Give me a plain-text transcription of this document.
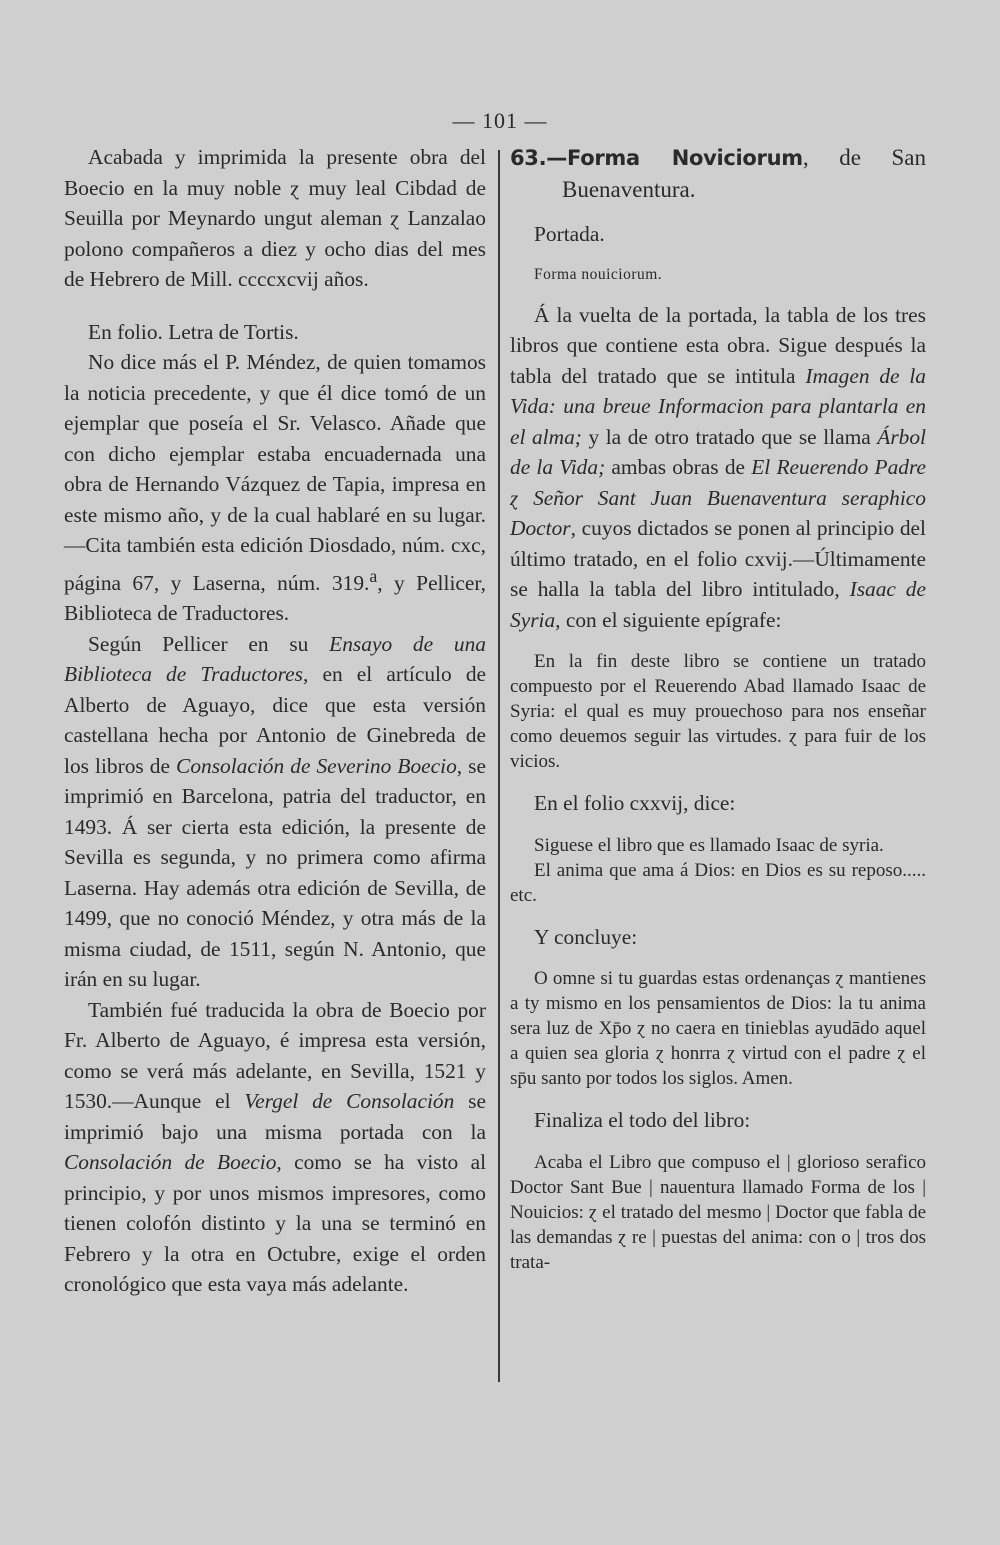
— 101 —

Acabada y imprimida la presente obra del Boecio en la muy noble ɀ muy leal Cibdad de Seuilla por Meynardo ungut aleman ɀ Lanzalao polono compañeros a diez y ocho dias del mes de Hebrero de Mill. ccccxcvij años.

En folio. Letra de Tortis.

No dice más el P. Méndez, de quien tomamos la noticia precedente, y que él dice tomó de un ejemplar que poseía el Sr. Velasco. Añade que con dicho ejemplar estaba encuadernada una obra de Hernando Vázquez de Tapia, impresa en este mismo año, y de la cual hablaré en su lugar.—Cita también esta edición Diosdado, núm. cxc, página 67, y Laserna, núm. 319.$^a$, y Pellicer, Biblioteca de Traductores.

Según Pellicer en su Ensayo de una Biblioteca de Traductores, en el artículo de Alberto de Aguayo, dice que esta versión castellana hecha por Antonio de Ginebreda de los libros de Consolación de Severino Boecio, se imprimió en Barcelona, patria del traductor, en 1493. Á ser cierta esta edición, la presente de Sevilla es segunda, y no primera como afirma Laserna. Hay además otra edición de Sevilla, de 1499, que no conoció Méndez, y otra más de la misma ciudad, de 1511, según N. Antonio, que irán en su lugar.

También fué traducida la obra de Boecio por Fr. Alberto de Aguayo, é impresa esta versión, como se verá más adelante, en Sevilla, 1521 y 1530.—Aunque el Vergel de Consolación se imprimió bajo una misma portada con la Consolación de Boecio, como se ha visto al principio, y por unos mismos impresores, como tienen colofón distinto y la una se terminó en Febrero y la otra en Octubre, exige el orden cronológico que esta vaya más adelante.

63.—Forma Noviciorum, de San Buenaventura.

Portada.

Forma nouiciorum.

Á la vuelta de la portada, la tabla de los tres libros que contiene esta obra. Sigue después la tabla del tratado que se intitula Imagen de la Vida: una breue Informacion para plantarla en el alma; y la de otro tratado que se llama Árbol de la Vida; ambas obras de El Reuerendo Padre ɀ Señor Sant Juan Buenaventura seraphico Doctor, cuyos dictados se ponen al principio del último tratado, en el folio cxvij.—Últimamente se halla la tabla del libro intitulado, Isaac de Syria, con el siguiente epígrafe:

En la fin deste libro se contiene un tratado compuesto por el Reuerendo Abad llamado Isaac de Syria: el qual es muy prouechoso para nos enseñar como deuemos seguir las virtudes. ɀ para fuir de los vicios.

En el folio cxxvij, dice:

Siguese el libro que es llamado Isaac de syria.

El anima que ama á Dios: en Dios es su reposo..... etc.

Y concluye:

O omne si tu guardas estas ordenanças ɀ mantienes a ty mismo en los pensamientos de Dios: la tu anima sera luz de Xp̄o ɀ no caera en tinieblas ayudādo aquel a quien sea gloria ɀ honrra ɀ virtud con el padre ɀ el sp̄u santo por todos los siglos. Amen.

Finaliza el todo del libro:

Acaba el Libro que compuso el | glorioso serafico Doctor Sant Bue | nauentura llamado Forma de los | Nouicios: ɀ el tratado del mesmo | Doctor que fabla de las demandas ɀ re | puestas del anima: con o | tros dos trata-
